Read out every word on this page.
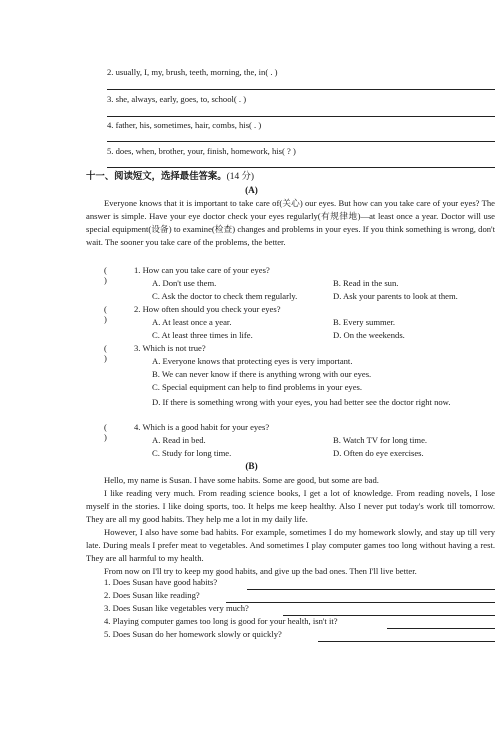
2. usually, I, my, brush, teeth, morning, the, in( . )
3. she, always, early, goes, to, school( . )
4. father, his, sometimes, hair, combs, his( . )
5. does, when, brother, your, finish, homework, his( ? )
十一、阅读短文，选择最佳答案。(14 分)
(A)

Everyone knows that it is important to take care of(关心) our eyes. But how can you take care of your eyes? The answer is simple. Have your eye doctor check your eyes regularly(有规律地)—at least once a year. Doctor will use special equipment(设备) to examine(检查) changes and problems in your eyes. If you think something is wrong, don't wait. The sooner you take care of the problems, the better.

( )
1. How can you take care of your eyes?
A. Don't use them.	B. Read in the sun.
C. Ask the doctor to check them regularly.	D. Ask your parents to look at them.
( )
2. How often should you check your eyes?
A. At least once a year.	B. Every summer.
C. At least three times in life.	D. On the weekends.
( )
3. Which is not true?
A. Everyone knows that protecting eyes is very important.
B. We can never know if there is anything wrong with our eyes.
C. Special equipment can help to find problems in your eyes.
D. If there is something wrong with your eyes, you had better see the doctor right now.
( )
4. Which is a good habit for your eyes?
A. Read in bed.	B. Watch TV for long time.
C. Study for long time.	D. Often do eye exercises.
(B)

Hello, my name is Susan. I have some habits. Some are good, but some are bad.

I like reading very much. From reading science books, I get a lot of knowledge. From reading novels, I lose myself in the stories. I like doing sports, too. It helps me keep healthy. Also I never put today's work till tomorrow. They are all my good habits. They help me a lot in my daily life.

However, I also have some bad habits. For example, sometimes I do my homework slowly, and stay up till very late. During meals I prefer meat to vegetables. And sometimes I play computer games too long without having a rest. They are all harmful to my health.

From now on I'll try to keep my good habits, and give up the bad ones. Then I'll live better.

1. Does Susan have good habits?
2. Does Susan like reading?
3. Does Susan like vegetables very much?
4. Playing computer games too long is good for your health, isn't it?
5. Does Susan do her homework slowly or quickly?
